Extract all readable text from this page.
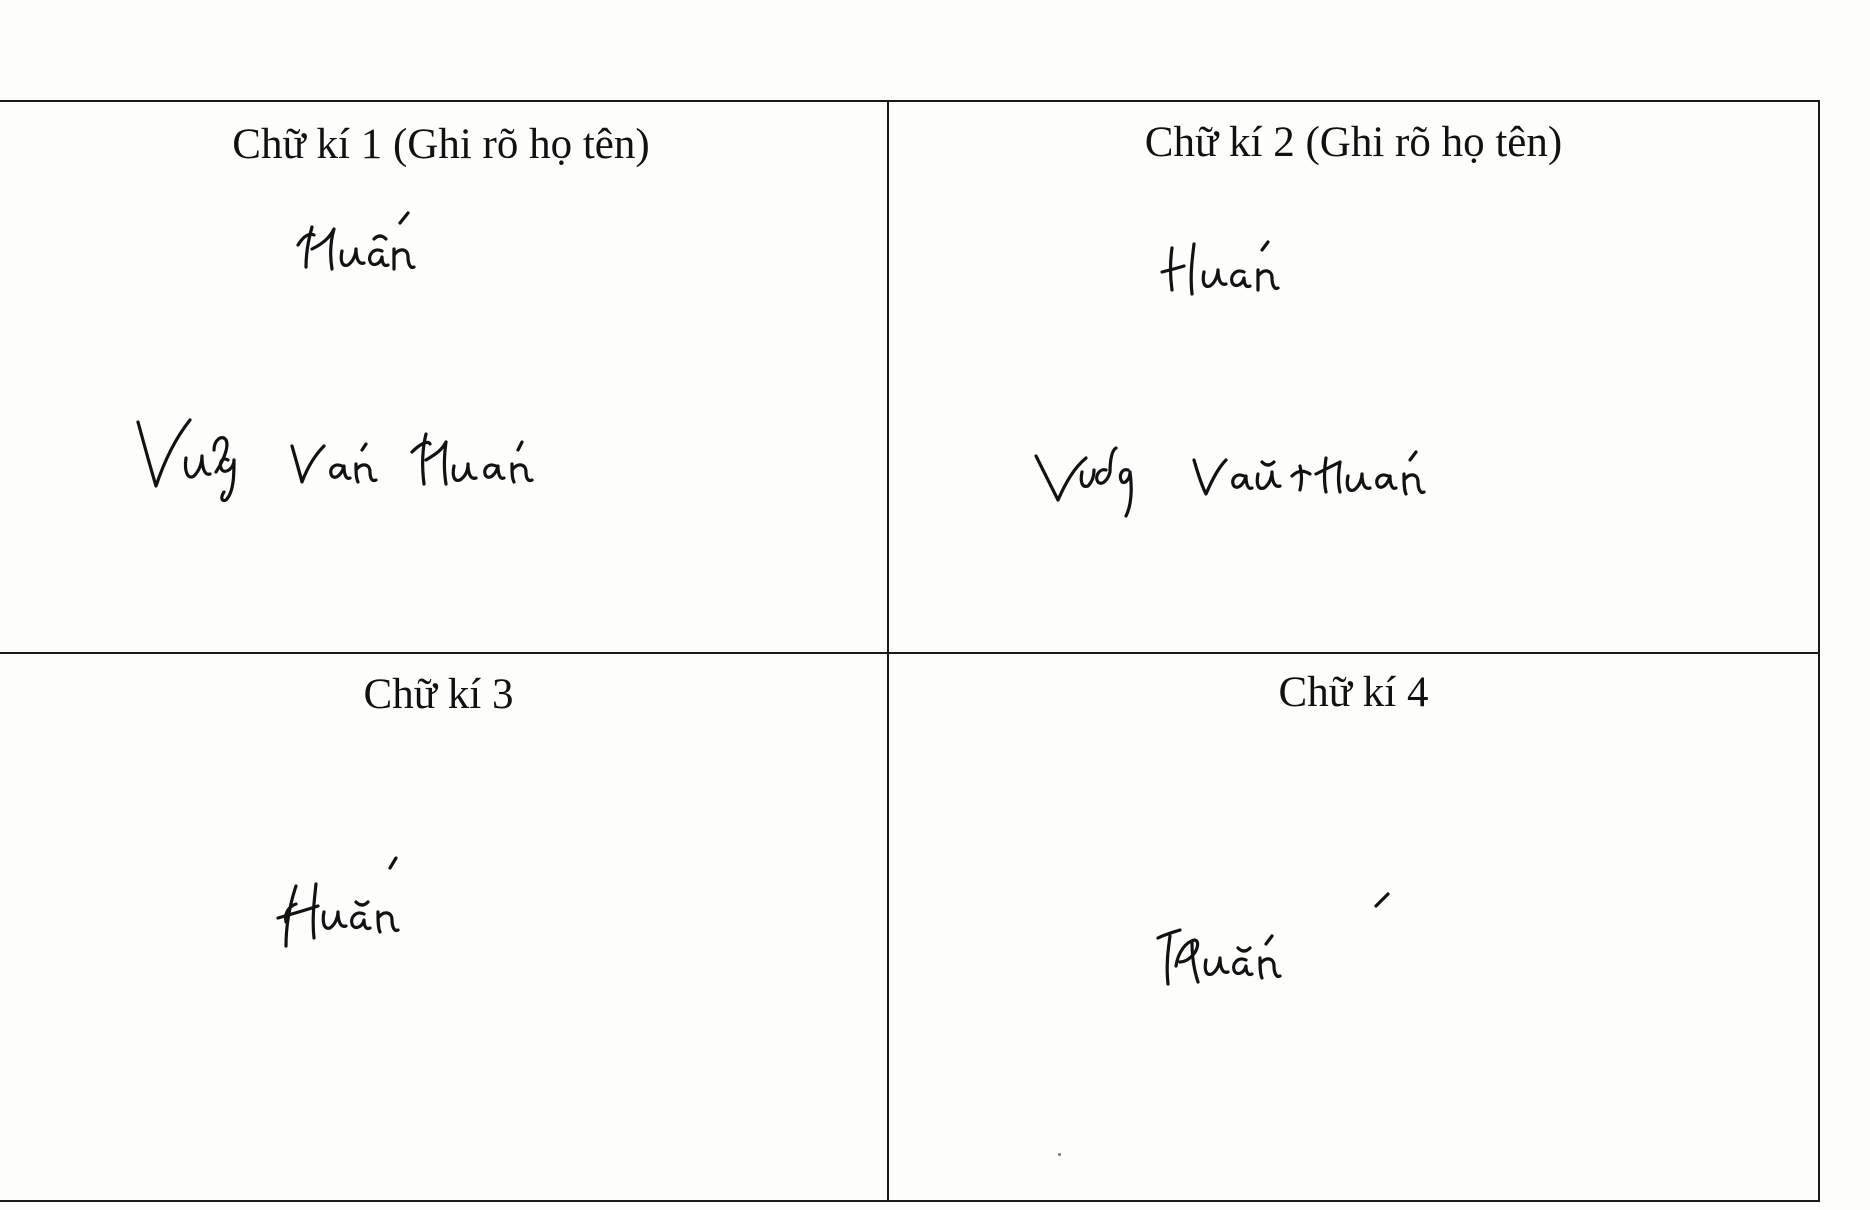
Chữ kí 1 (Ghi rõ họ tên)	Chữ kí 2 (Ghi rõ họ tên)
Chữ kí 3	Chữ kí 4
